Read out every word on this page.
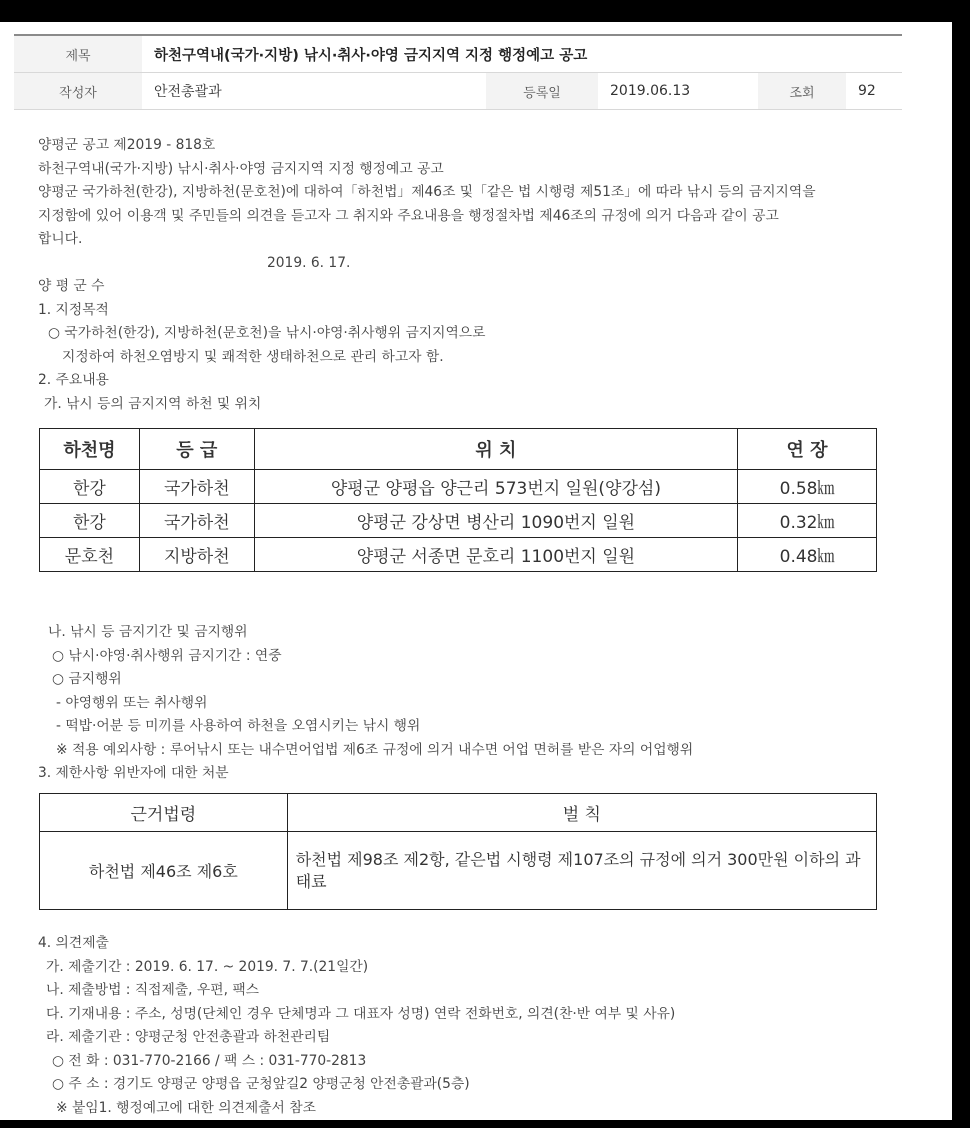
제목	하천구역내(국가·지방) 낚시·취사·야영 금지지역 지정 행정예고 공고					
작성자	안전총괄과		등록일	2019.06.13	조회	92
양평군 공고 제2019 - 818호
하천구역내(국가·지방) 낚시·취사·야영 금지지역 지정 행정예고 공고
양평군 국가하천(한강), 지방하천(문호천)에 대하여「하천법」제46조 및「같은 법 시행령 제51조」에 따라 낚시 등의 금지지역을
지정함에 있어 이용객 및 주민들의 의견을 듣고자 그 취지와 주요내용을 행정절차법 제46조의 규정에 의거 다음과 같이 공고
합니다.
2019. 6. 17.
양 평 군 수
1. 지정목적
○ 국가하천(한강), 지방하천(문호천)을 낚시·야영·취사행위 금지지역으로
지정하여 하천오염방지 및 쾌적한 생태하천으로 관리 하고자 함.
2. 주요내용
가. 낚시 등의 금지지역 하천 및 위치
하천명	등 급	위 치	연 장
한강	국가하천	양평군 양평읍 양근리 573번지 일원(양강섬)	0.58㎞
한강	국가하천	양평군 강상면 병산리 1090번지 일원	0.32㎞
문호천	지방하천	양평군 서종면 문호리 1100번지 일원	0.48㎞
나. 낚시 등 금지기간 및 금지행위
○ 낚시·야영·취사행위 금지기간 : 연중
○ 금지행위
- 야영행위 또는 취사행위
- 떡밥·어분 등 미끼를 사용하여 하천을 오염시키는 낚시 행위
※ 적용 예외사항 : 루어낚시 또는 내수면어업법 제6조 규정에 의거 내수면 어업 면허를 받은 자의 어업행위
3. 제한사항 위반자에 대한 처분
근거법령	벌 칙
하천법 제46조 제6호	하천법 제98조 제2항, 같은법 시행령 제107조의 규정에 의거 300만원 이하의 과태료
4. 의견제출
가. 제출기간 : 2019. 6. 17. ~ 2019. 7. 7.(21일간)
나. 제출방법 : 직접제출, 우편, 팩스
다. 기재내용 : 주소, 성명(단체인 경우 단체명과 그 대표자 성명) 연락 전화번호, 의견(찬·반 여부 및 사유)
라. 제출기관 : 양평군청 안전총괄과 하천관리팀
○ 전 화 : 031-770-2166 / 팩 스 : 031-770-2813
○ 주 소 : 경기도 양평군 양평읍 군청앞길2 양평군청 안전총괄과(5층)
※ 붙임1. 행정예고에 대한 의견제출서 참조
